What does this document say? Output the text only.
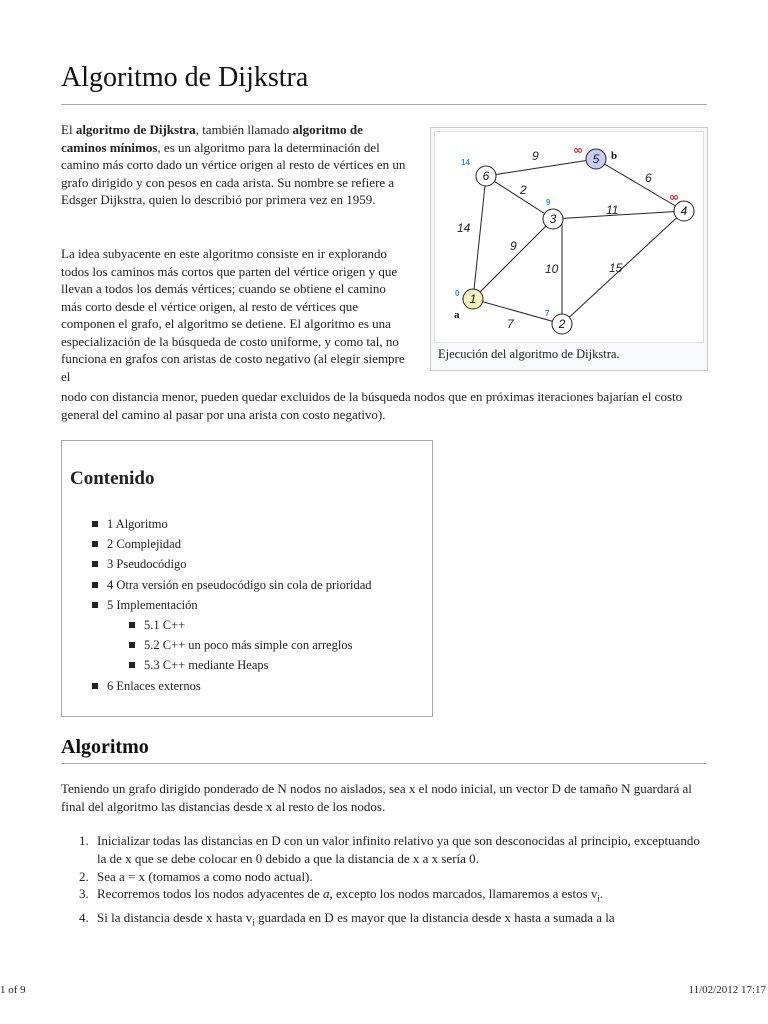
Algoritmo de Dijkstra

El algoritmo de Dijkstra, también llamado algoritmo de caminos mínimos, es un algoritmo para la determinación del camino más corto dado un vértice origen al resto de vértices en un grafo dirigido y con pesos en cada arista. Su nombre se refiere a Edsger Dijkstra, quien lo describió por primera vez en 1959.

La idea subyacente en este algoritmo consiste en ir explorando todos los caminos más cortos que parten del vértice origen y que llevan a todos los demás vértices; cuando se obtiene el camino más corto desde el vértice origen, al resto de vértices que componen el grafo, el algoritmo se detiene. El algoritmo es una especialización de la búsqueda de costo uniforme, y como tal, no funciona en grafos con aristas de costo negativo (al elegir siempre el

nodo con distancia menor, pueden quedar excluidos de la búsqueda nodos que en próximas iteraciones bajarían el costo general del camino al pasar por una arista con costo negativo).

9
6
2
11
14
9
10	15
7
6
5
3
4
1
2
14
9
0
7
∞
∞
b
a
Ejecución del algoritmo de Dijkstra.
Contenido
1 Algoritmo
2 Complejidad
3 Pseudocódigo
4 Otra versión en pseudocódigo sin cola de prioridad
5 Implementación
5.1 C++
5.2 C++ un poco más simple con arreglos
5.3 C++ mediante Heaps
6 Enlaces externos
Algoritmo

Teniendo un grafo dirigido ponderado de N nodos no aislados, sea x el nodo inicial, un vector D de tamaño N guardará al final del algoritmo las distancias desde x al resto de los nodos.

1. Inicializar todas las distancias en D con un valor infinito relativo ya que son desconocidas al principio, exceptuando la de x que se debe colocar en 0 debido a que la distancia de x a x sería 0.
2. Sea a = x (tomamos a como nodo actual).
3. Recorremos todos los nodos adyacentes de a, excepto los nodos marcados, llamaremos a estos $v_i$.
4. Si la distancia desde x hasta $v_i$ guardada en D es mayor que la distancia desde x hasta a sumada a la
1 of 9	11/02/2012 17:17
